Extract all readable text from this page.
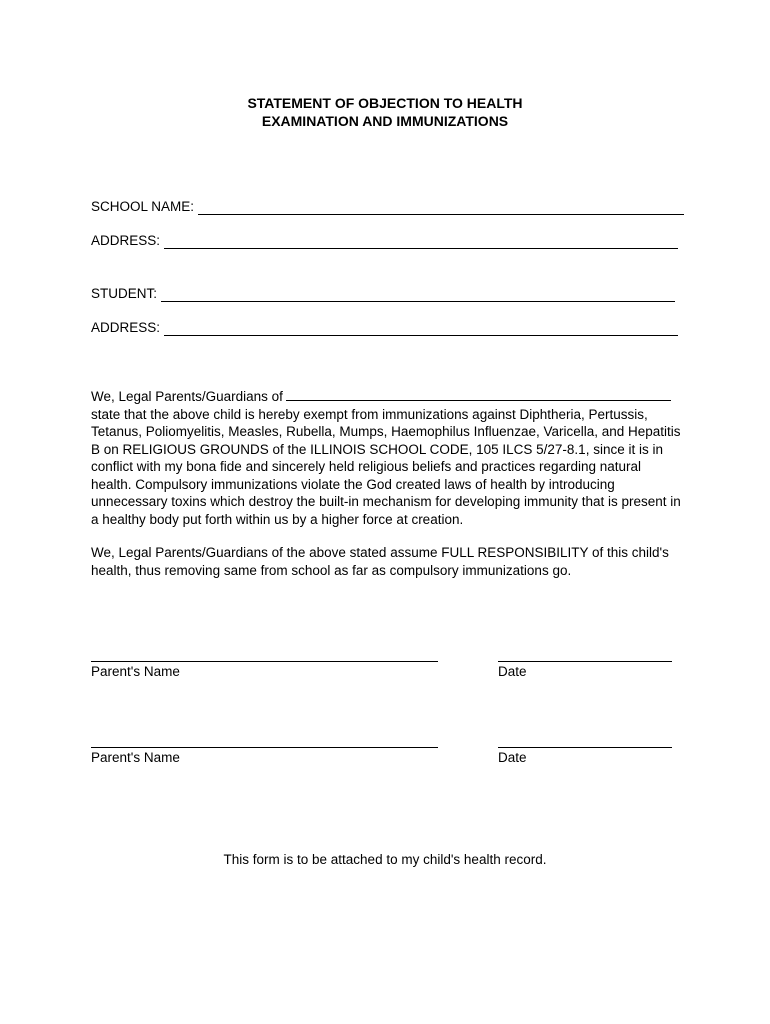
STATEMENT OF OBJECTION TO HEALTH
EXAMINATION AND IMMUNIZATIONS
SCHOOL NAME:
ADDRESS:
STUDENT:
ADDRESS:
We, Legal Parents/Guardians of state that the above child is hereby exempt from immunizations against Diphtheria, Pertussis, Tetanus, Poliomyelitis, Measles, Rubella, Mumps, Haemophilus Influenzae, Varicella, and Hepatitis B on RELIGIOUS GROUNDS of the ILLINOIS SCHOOL CODE, 105 ILCS 5/27-8.1, since it is in conflict with my bona fide and sincerely held religious beliefs and practices regarding natural health. Compulsory immunizations violate the God created laws of health by introducing unnecessary toxins which destroy the built-in mechanism for developing immunity that is present in a healthy body put forth within us by a higher force at creation.
We, Legal Parents/Guardians of the above stated assume FULL RESPONSIBILITY of this child's health, thus removing same from school as far as compulsory immunizations go.
Parent's Name	Date
Parent's Name	Date
This form is to be attached to my child's health record.
